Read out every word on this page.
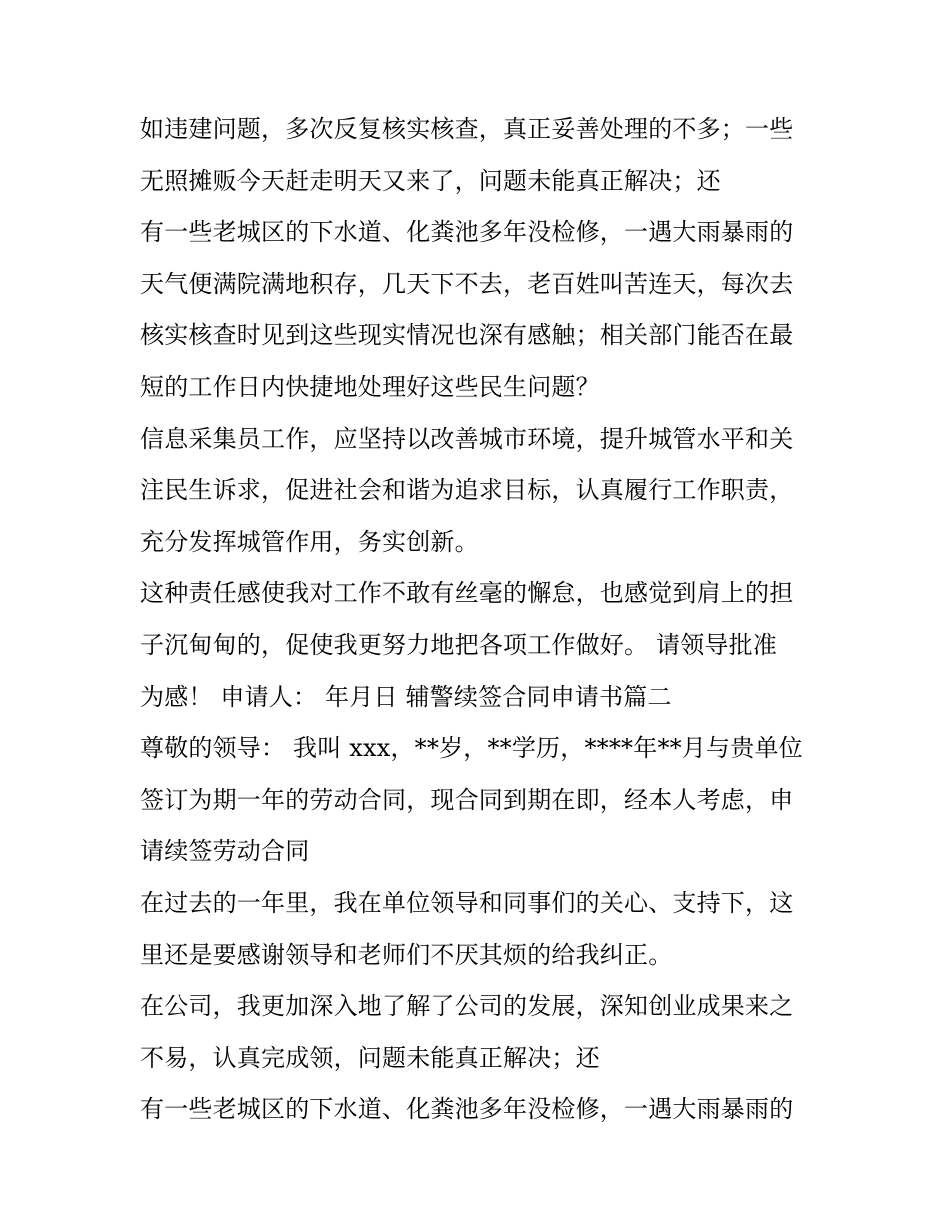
如违建问题，多次反复核实核查，真正妥善处理的不多；一些
无照摊贩今天赶走明天又来了，问题未能真正解决；还
有一些老城区的下水道、化粪池多年没检修，一遇大雨暴雨的
天气便满院满地积存，几天下不去，老百姓叫苦连天，每次去
核实核查时见到这些现实情况也深有感触；相关部门能否在最
短的工作日内快捷地处理好这些民生问题？
信息采集员工作，应坚持以改善城市环境，提升城管水平和关
注民生诉求，促进社会和谐为追求目标，认真履行工作职责，
充分发挥城管作用，务实创新。
这种责任感使我对工作不敢有丝毫的懈怠，也感觉到肩上的担
子沉甸甸的，促使我更努力地把各项工作做好。 请领导批准
为感！ 申请人： 年月日 辅警续签合同申请书篇二
尊敬的领导： 我叫 xxx，**岁，**学历，****年**月与贵单位
签订为期一年的劳动合同，现合同到期在即，经本人考虑，申
请续签劳动合同
在过去的一年里，我在单位领导和同事们的关心、支持下，这
里还是要感谢领导和老师们不厌其烦的给我纠正。
在公司，我更加深入地了解了公司的发展，深知创业成果来之
不易，认真完成领，问题未能真正解决；还
有一些老城区的下水道、化粪池多年没检修，一遇大雨暴雨的
